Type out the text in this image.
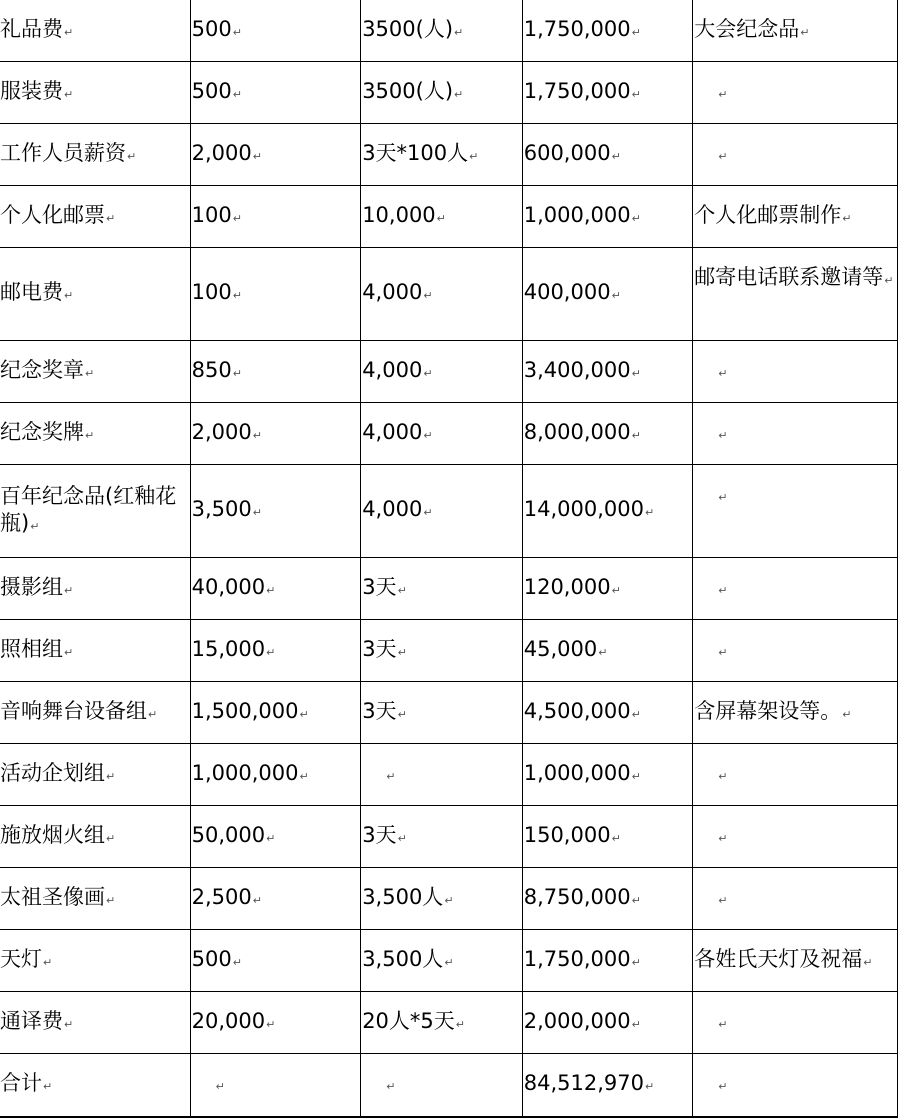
礼品费↵	500↵	3500(人)↵	1,750,000↵	大会纪念品↵
服装费↵	500↵	3500(人)↵	1,750,000↵	↵
工作人员薪资↵	2,000↵	3天*100人↵	600,000↵	↵
个人化邮票↵	100↵	10,000↵	1,000,000↵	个人化邮票制作↵
邮电费↵	100↵	4,000↵	400,000↵	邮寄电话联系邀请等↵
纪念奖章↵	850↵	4,000↵	3,400,000↵	↵
纪念奖牌↵	2,000↵	4,000↵	8,000,000↵	↵
百年纪念品(红釉花瓶)↵	3,500↵	4,000↵	14,000,000↵	↵
摄影组↵	40,000↵	3天↵	120,000↵	↵
照相组↵	15,000↵	3天↵	45,000↵	↵
音响舞台设备组↵	1,500,000↵	3天↵	4,500,000↵	含屏幕架设等。↵
活动企划组↵	1,000,000↵	↵	1,000,000↵	↵
施放烟火组↵	50,000↵	3天↵	150,000↵	↵
太祖圣像画↵	2,500↵	3,500人↵	8,750,000↵	↵
天灯↵	500↵	3,500人↵	1,750,000↵	各姓氏天灯及祝福↵
通译费↵	20,000↵	20人*5天↵	2,000,000↵	↵
合计↵	↵	↵	84,512,970↵	↵
